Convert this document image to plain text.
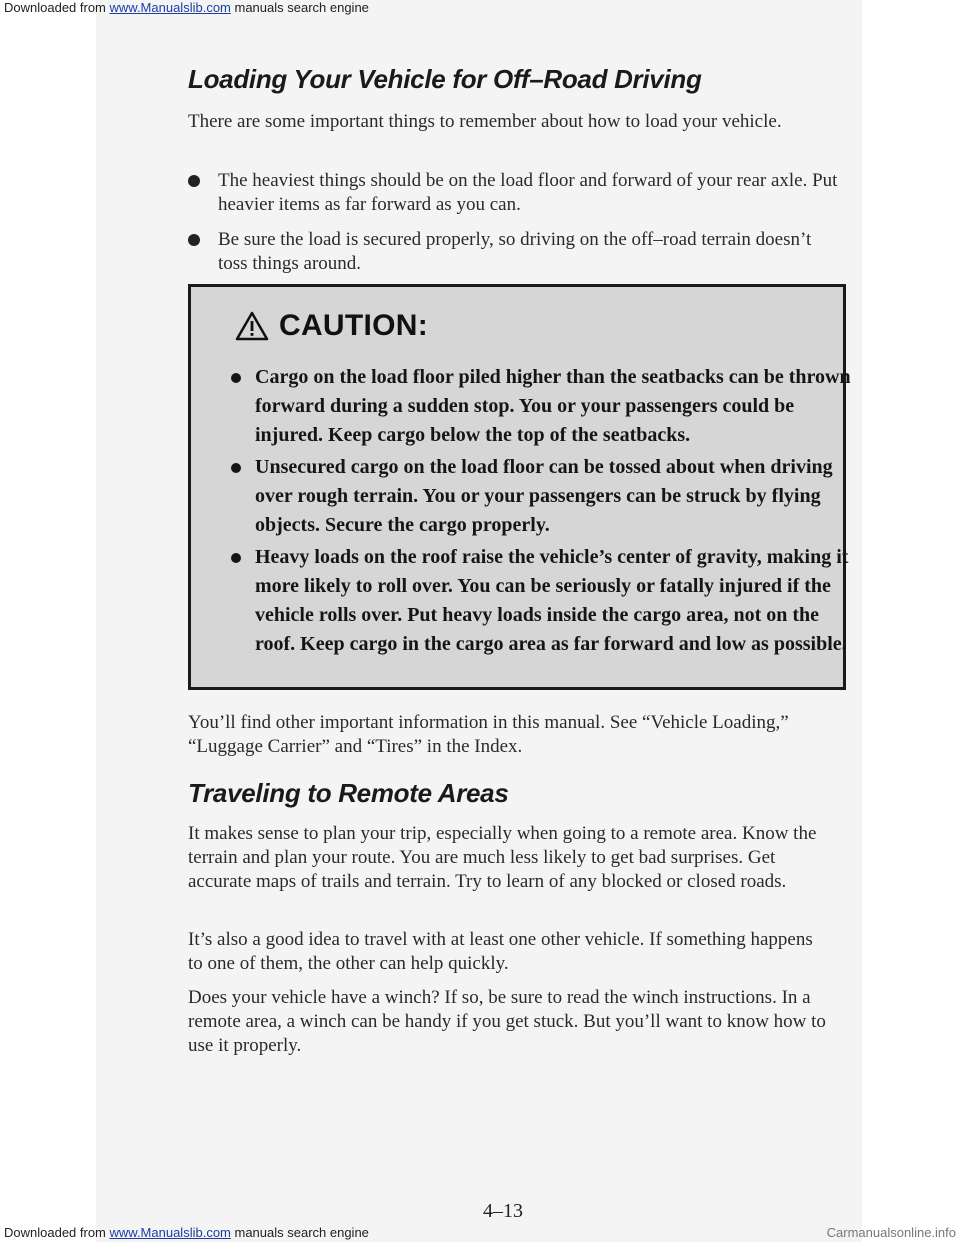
Downloaded from www.Manualslib.com manuals search engine
Loading Your Vehicle for Off–Road Driving

There are some important things to remember about how to load your vehicle.

The heaviest things should be on the load floor and forward of your rear axle. Put heavier items as far forward as you can.
Be sure the load is secured properly, so driving on the off–road terrain doesn’t toss things around.
CAUTION:
Cargo on the load floor piled higher than the seatbacks can be thrown forward during a sudden stop. You or your passengers could be injured. Keep cargo below the top of the seatbacks.
Unsecured cargo on the load floor can be tossed about when driving over rough terrain. You or your passengers can be struck by flying objects. Secure the cargo properly.
Heavy loads on the roof raise the vehicle’s center of gravity, making it more likely to roll over. You can be seriously or fatally injured if the vehicle rolls over. Put heavy loads inside the cargo area, not on the roof. Keep cargo in the cargo area as far forward and low as possible.

You’ll find other important information in this manual. See “Vehicle Loading,” “Luggage Carrier” and “Tires” in the Index.

Traveling to Remote Areas

It makes sense to plan your trip, especially when going to a remote area. Know the terrain and plan your route. You are much less likely to get bad surprises. Get accurate maps of trails and terrain. Try to learn of any blocked or closed roads.

It’s also a good idea to travel with at least one other vehicle. If something happens to one of them, the other can help quickly.

Does your vehicle have a winch? If so, be sure to read the winch instructions. In a remote area, a winch can be handy if you get stuck. But you’ll want to know how to use it properly.

4–13
Downloaded from www.Manualslib.com manuals search engine	Carmanualsonline.info
